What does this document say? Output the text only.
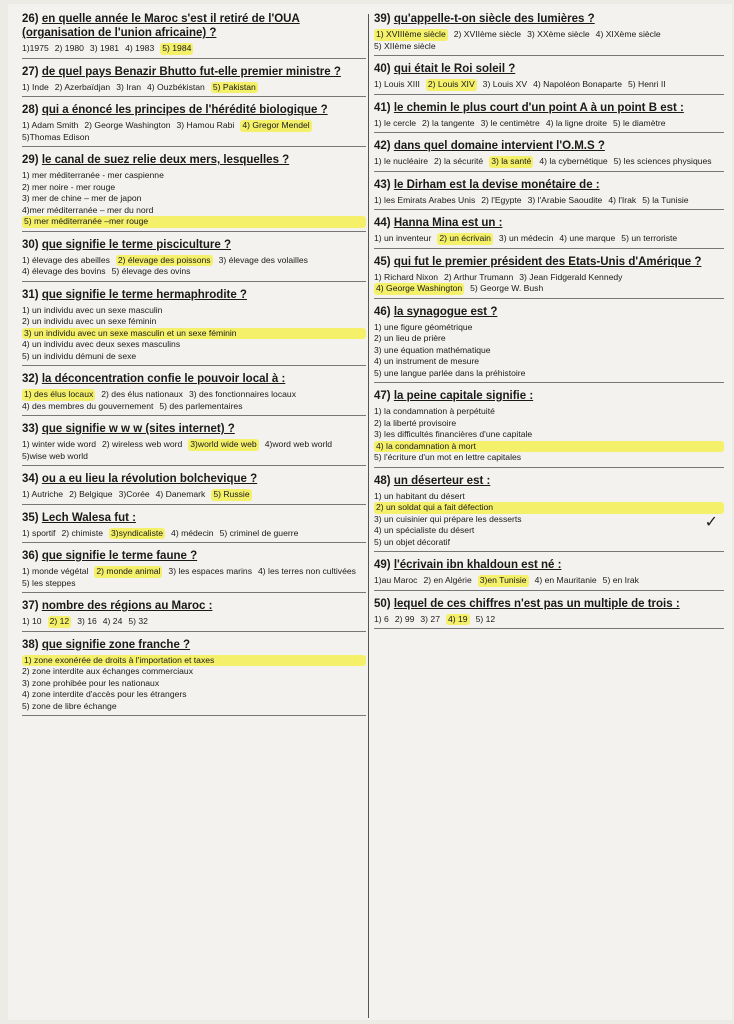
26) en quelle année le Maroc s'est il retiré de l'OUA (organisation de l'union africaine) ?
1)1975 2) 1980 3) 1981 4) 1983 5) 1984
27) de quel pays Benazir Bhutto fut-elle premier ministre ?
1) Inde 2) Azerbaïdjan 3) Iran 4) Ouzbékistan 5) Pakistan
28) qui a énoncé les principes de l'hérédité biologique ?
1) Adam Smith 2) George Washington 3) Hamou Rabi 4) Gregor Mendel5)Thomas Edison
29) le canal de suez relie deux mers, lesquelles ?
1) mer méditerranée - mer caspienne
2) mer noire - mer rouge
3) mer de chine – mer de japon
4)mer méditerranée – mer du nord
5) mer méditerranée –mer rouge
30) que signifie le terme pisciculture ?
1) élevage des abeilles 2) élevage des poissons 3) élevage des volailles4) élevage des bovins 5) élevage des ovins
31) que signifie le terme hermaphrodite ?
1) un individu avec un sexe masculin
2) un individu avec un sexe féminin
3) un individu avec un sexe masculin et un sexe féminin
4) un individu avec deux sexes masculins
5) un individu démuni de sexe
32) la déconcentration confie le pouvoir local à :
1) des élus locaux 2) des élus nationaux 3) des fonctionnaires locaux4) des membres du gouvernement 5) des parlementaires
33) que signifie w w w (sites internet) ?
1) winter wide word 2) wireless web word 3)world wide web 4)word web world5)wise web world
34) ou a eu lieu la révolution bolchevique ?
1) Autriche 2) Belgique 3)Corée 4) Danemark 5) Russie
35) Lech Walesa fut :
1) sportif 2) chimiste 3)syndicaliste 4) médecin 5) criminel de guerre
36) que signifie le terme faune ?
1) monde végétal 2) monde animal 3) les espaces marins 4) les terres non cultivées5) les steppes
37) nombre des régions au Maroc :
1) 10 2) 12 3) 16 4) 24 5) 32
38) que signifie zone franche ?
1) zone exonérée de droits à l'importation et taxes
2) zone interdite aux échanges commerciaux
3) zone prohibée pour les nationaux
4) zone interdite d'accès pour les étrangers
5) zone de libre échange
39) qu'appelle-t-on siècle des lumières ?
1) XVIIIème siècle 2) XVIIème siècle 3) XXème siècle 4) XIXème siècle5) XIIème siècle
40) qui était le Roi soleil ?
1) Louis XIII 2) Louis XIV 3) Louis XV 4) Napoléon Bonaparte 5) Henri II
41) le chemin le plus court d'un point A à un point B est :
1) le cercle 2) la tangente 3) le centimètre 4) la ligne droite 5) le diamètre
42) dans quel domaine intervient l'O.M.S ?
1) le nucléaire 2) la sécurité 3) la santé 4) la cybernétique 5) les sciences physiques
43) le Dirham est la devise monétaire de :
1) les Emirats Arabes Unis 2) l'Egypte 3) l'Arabie Saoudite 4) l'Irak 5) la Tunisie
44) Hanna Mina est un :
1) un inventeur 2) un écrivain 3) un médecin 4) une marque 5) un terroriste
45) qui fut le premier président des Etats-Unis d'Amérique ?
1) Richard Nixon 2) Arthur Trumann 3) Jean Fidgerald Kennedy4) George Washington 5) George W. Bush
46) la synagogue est ?
1) une figure géométrique
2) un lieu de prière
3) une équation mathématique
4) un instrument de mesure
5) une langue parlée dans la préhistoire
47) la peine capitale signifie :
1) la condamnation à perpétuité
2) la liberté provisoire
3) les difficultés financières d'une capitale
4) la condamnation à mort
5) l'écriture d'un mot en lettre capitales
48) un déserteur est :
1) un habitant du désert
2) un soldat qui a fait défection
3) un cuisinier qui prépare les desserts
4) un spécialiste du désert
5) un objet décoratif
49) l'écrivain ibn khaldoun est né :
1)au Maroc 2) en Algérie 3)en Tunisie 4) en Mauritanie 5) en Irak
50) lequel de ces chiffres n'est pas un multiple de trois :
1) 6 2) 99 3) 27 4) 19 5) 12
✓
